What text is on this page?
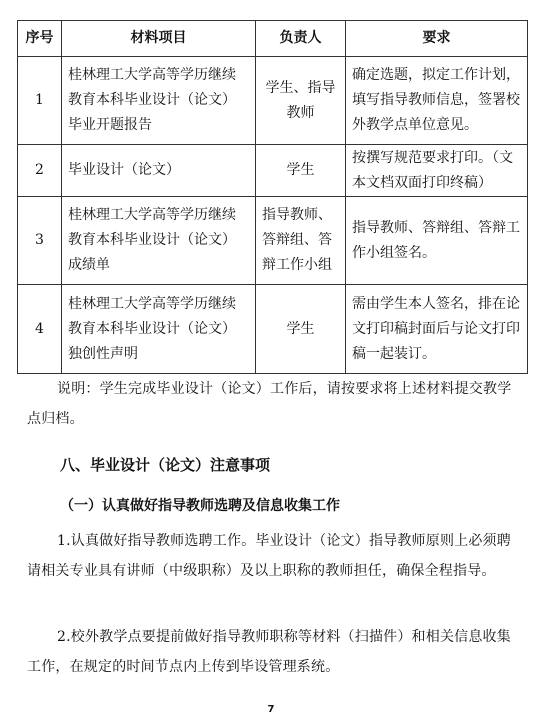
序号	材料项目	负责人	要求
1	桂林理工大学高等学历继续教育本科毕业设计（论文）毕业开题报告	学生、指导教师	确定选题，拟定工作计划，填写指导教师信息，签署校外教学点单位意见。
2	毕业设计（论文）	学生	按撰写规范要求打印。（文本文档双面打印终稿）
3	桂林理工大学高等学历继续教育本科毕业设计（论文）成绩单	指导教师、答辩组、答辩工作小组	指导教师、答辩组、答辩工作小组签名。
4	桂林理工大学高等学历继续教育本科毕业设计（论文）独创性声明	学生	需由学生本人签名，排在论文打印稿封面后与论文打印稿一起装订。

说明：学生完成毕业设计（论文）工作后，请按要求将上述材料提交教学点归档。

八、毕业设计（论文）注意事项
（一）认真做好指导教师选聘及信息收集工作

1.认真做好指导教师选聘工作。毕业设计（论文）指导教师原则上必须聘请相关专业具有讲师（中级职称）及以上职称的教师担任，确保全程指导。

2.校外教学点要提前做好指导教师职称等材料（扫描件）和相关信息收集工作，在规定的时间节点内上传到毕设管理系统。

7
